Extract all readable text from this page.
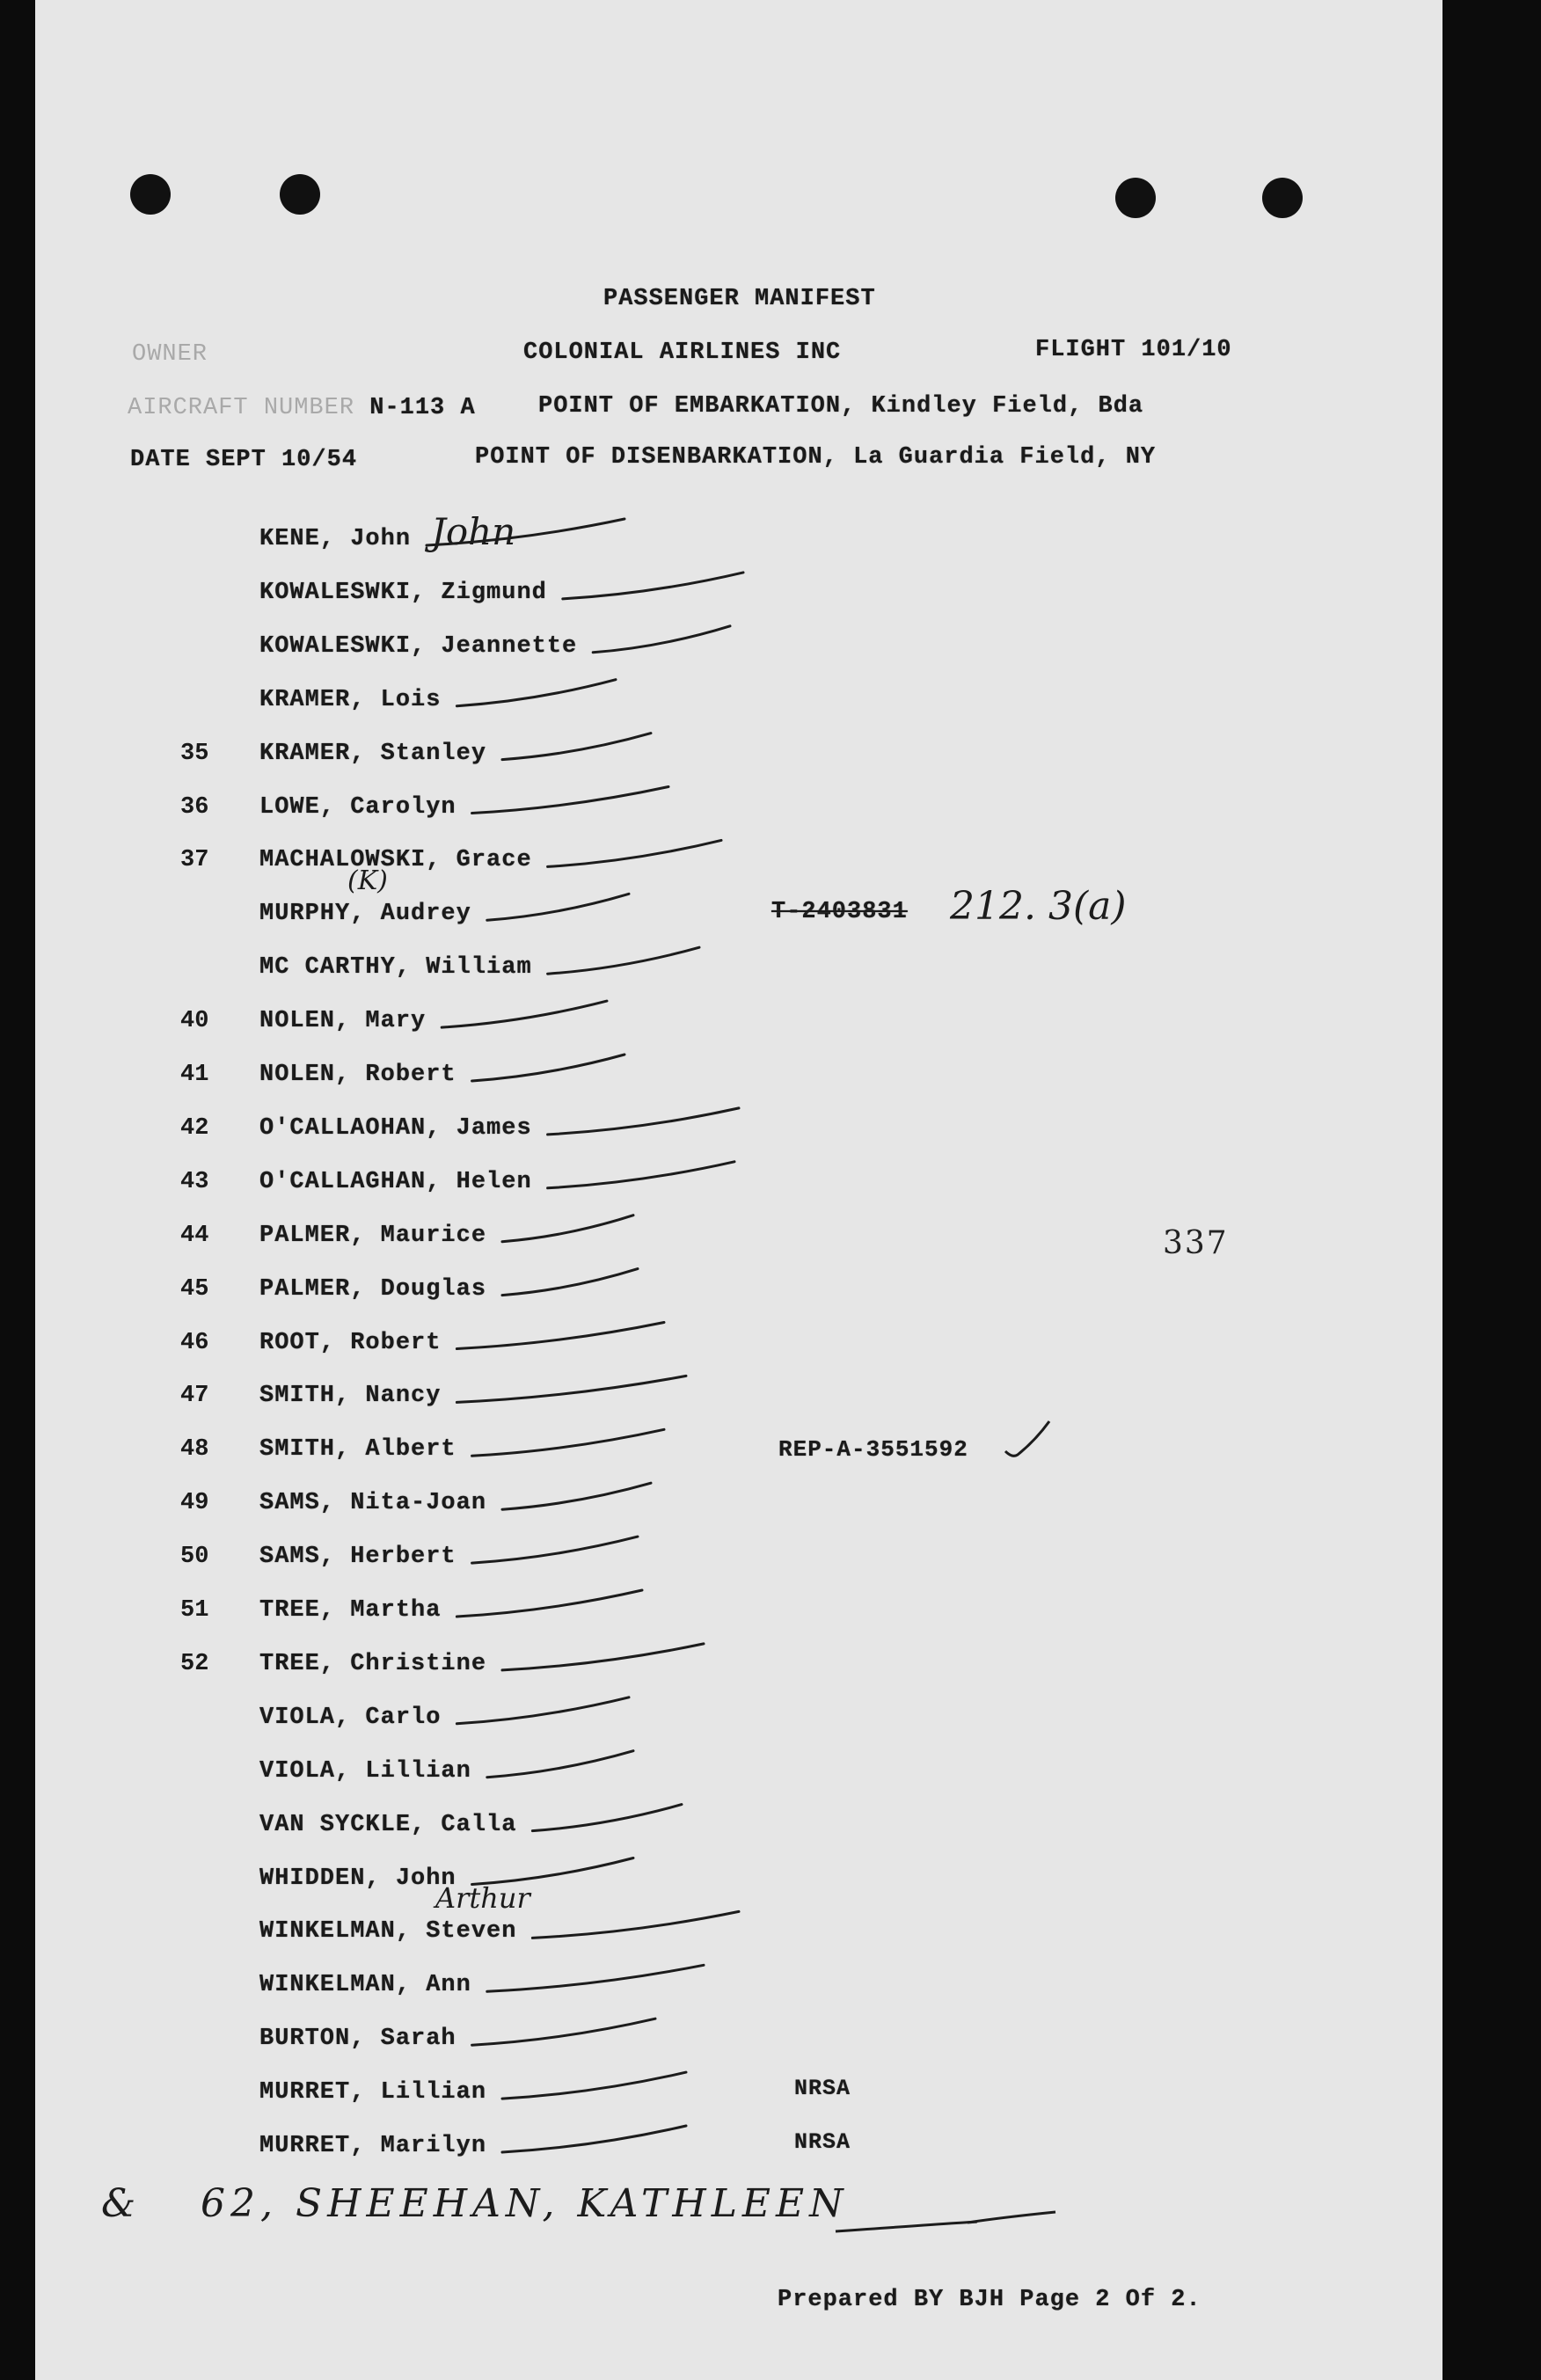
PASSENGER MANIFEST
OWNER	COLONIAL AIRLINES INC	FLIGHT 101/10
AIRCRAFT NUMBER N-113 A	POINT OF EMBARKATION, Kindley Field, Bda
DATE SEPT 10/54	POINT OF DISENBARKATION, La Guardia Field, NY
KENE, John John
KOWALESWKI, Zigmund
KOWALESWKI, Jeannette
KRAMER, Lois
35	KRAMER, Stanley
36	LOWE, Carolyn
37	MACHALOWSKI, Grace
MURPHY, Audrey
(K)
MC CARTHY, William
40	NOLEN, Mary
41	NOLEN, Robert
42	O'CALLAOHAN, James
43	O'CALLAGHAN, Helen
44	PALMER, Maurice
45	PALMER, Douglas
46	ROOT, Robert
47	SMITH, Nancy
48	SMITH, Albert
49	SAMS, Nita-Joan
50	SAMS, Herbert
51	TREE, Martha
52	TREE, Christine
VIOLA, Carlo
VIOLA, Lillian
VAN SYCKLE, Calla
WHIDDEN, John
WINKELMAN, Steven
Arthur
WINKELMAN, Ann
BURTON, Sarah
MURRET, Lillian	NRSA
MURRET, Marilyn	NRSA
T-2403831 212. 3(a)
REP-A-3551592
337
& 62, SHEEHAN, KATHLEEN
Prepared BY BJH Page 2 Of 2.
